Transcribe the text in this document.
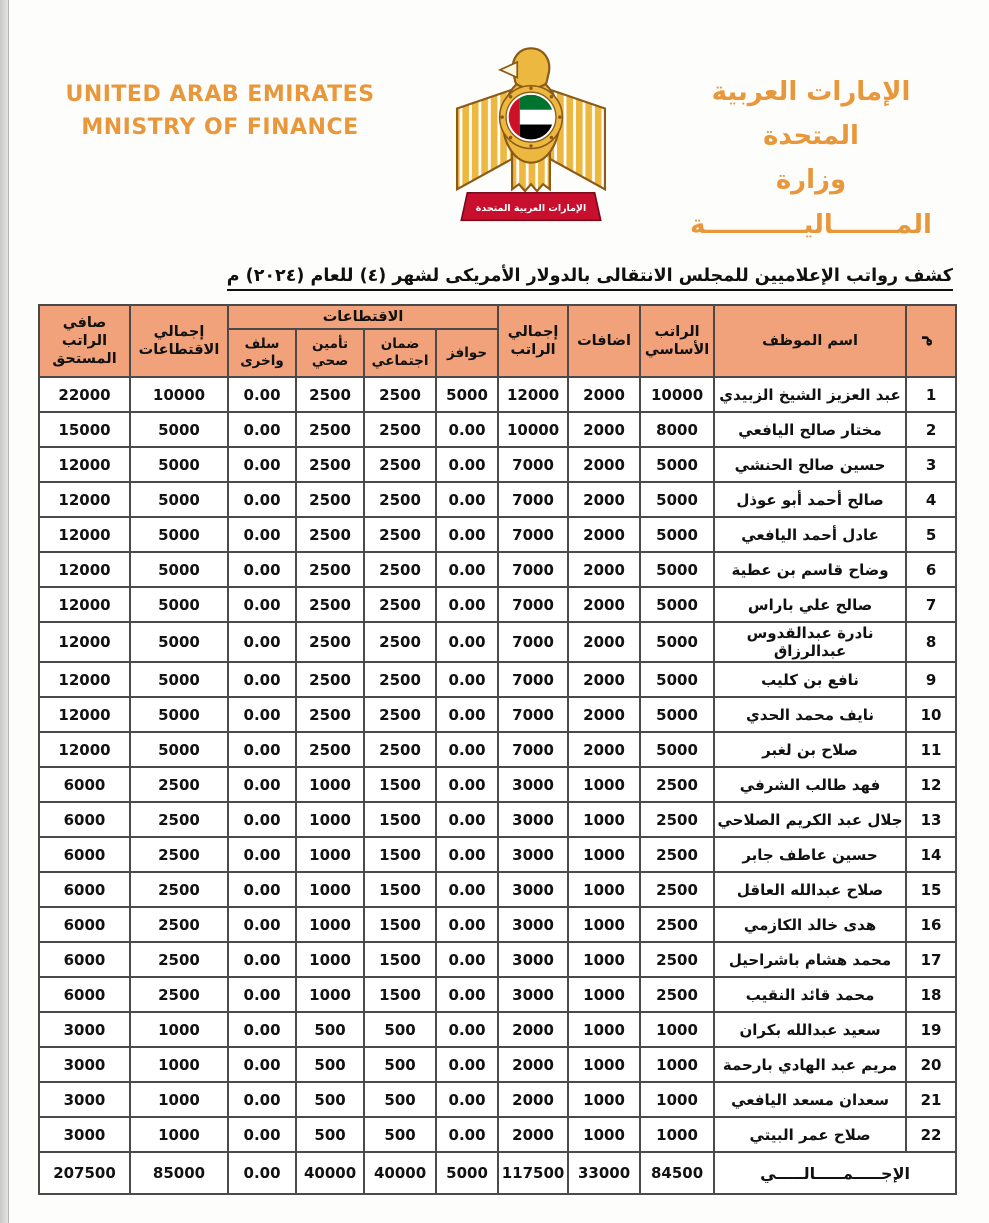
UNITED ARAB EMIRATES
MNISTRY OF FINANCE
الإمارات العربية المتحدة
الإمارات العربية المتحدة
وزارة المـــــــاليـــــــــــة
كشف رواتب الإعلاميين للمجلس الانتقالى بالدولار الأمريكى لشهر (٤) للعام (٢٠٢٤) م
م	اسم الموظف	الراتب الأساسي	اضافات	إجمالي الراتب	الاقتطاعات				إجمالي الاقتطاعات	صافي الراتب المستحق
					حوافز	ضمان اجتماعي	تأمين صحي	سلف واخرى		
1	عبد العزيز الشيخ الزبيدي	10000	2000	12000	5000	2500	2500	0.00	10000	22000
2	مختار صالح اليافعي	8000	2000	10000	0.00	2500	2500	0.00	5000	15000
3	حسين صالح الحنشي	5000	2000	7000	0.00	2500	2500	0.00	5000	12000
4	صالح أحمد أبو عوذل	5000	2000	7000	0.00	2500	2500	0.00	5000	12000
5	عادل أحمد اليافعي	5000	2000	7000	0.00	2500	2500	0.00	5000	12000
6	وضاح قاسم بن عطية	5000	2000	7000	0.00	2500	2500	0.00	5000	12000
7	صالح علي باراس	5000	2000	7000	0.00	2500	2500	0.00	5000	12000
8	نادرة عبدالقدوس عبدالرزاق	5000	2000	7000	0.00	2500	2500	0.00	5000	12000
9	نافع بن كليب	5000	2000	7000	0.00	2500	2500	0.00	5000	12000
10	نايف محمد الحدي	5000	2000	7000	0.00	2500	2500	0.00	5000	12000
11	صلاح بن لغبر	5000	2000	7000	0.00	2500	2500	0.00	5000	12000
12	فهد طالب الشرفي	2500	1000	3000	0.00	1500	1000	0.00	2500	6000
13	جلال عبد الكريم الصلاحي	2500	1000	3000	0.00	1500	1000	0.00	2500	6000
14	حسين عاطف جابر	2500	1000	3000	0.00	1500	1000	0.00	2500	6000
15	صلاح عبدالله العاقل	2500	1000	3000	0.00	1500	1000	0.00	2500	6000
16	هدى خالد الكازمي	2500	1000	3000	0.00	1500	1000	0.00	2500	6000
17	محمد هشام باشراحيل	2500	1000	3000	0.00	1500	1000	0.00	2500	6000
18	محمد قائد النقيب	2500	1000	3000	0.00	1500	1000	0.00	2500	6000
19	سعيد عبدالله بكران	1000	1000	2000	0.00	500	500	0.00	1000	3000
20	مريم عبد الهادي بارحمة	1000	1000	2000	0.00	500	500	0.00	1000	3000
21	سعدان مسعد اليافعي	1000	1000	2000	0.00	500	500	0.00	1000	3000
22	صلاح عمر البيتي	1000	1000	2000	0.00	500	500	0.00	1000	3000
الإجـــــمـــــالـــــي		84500	33000	117500	5000	40000	40000	0.00	85000	207500
